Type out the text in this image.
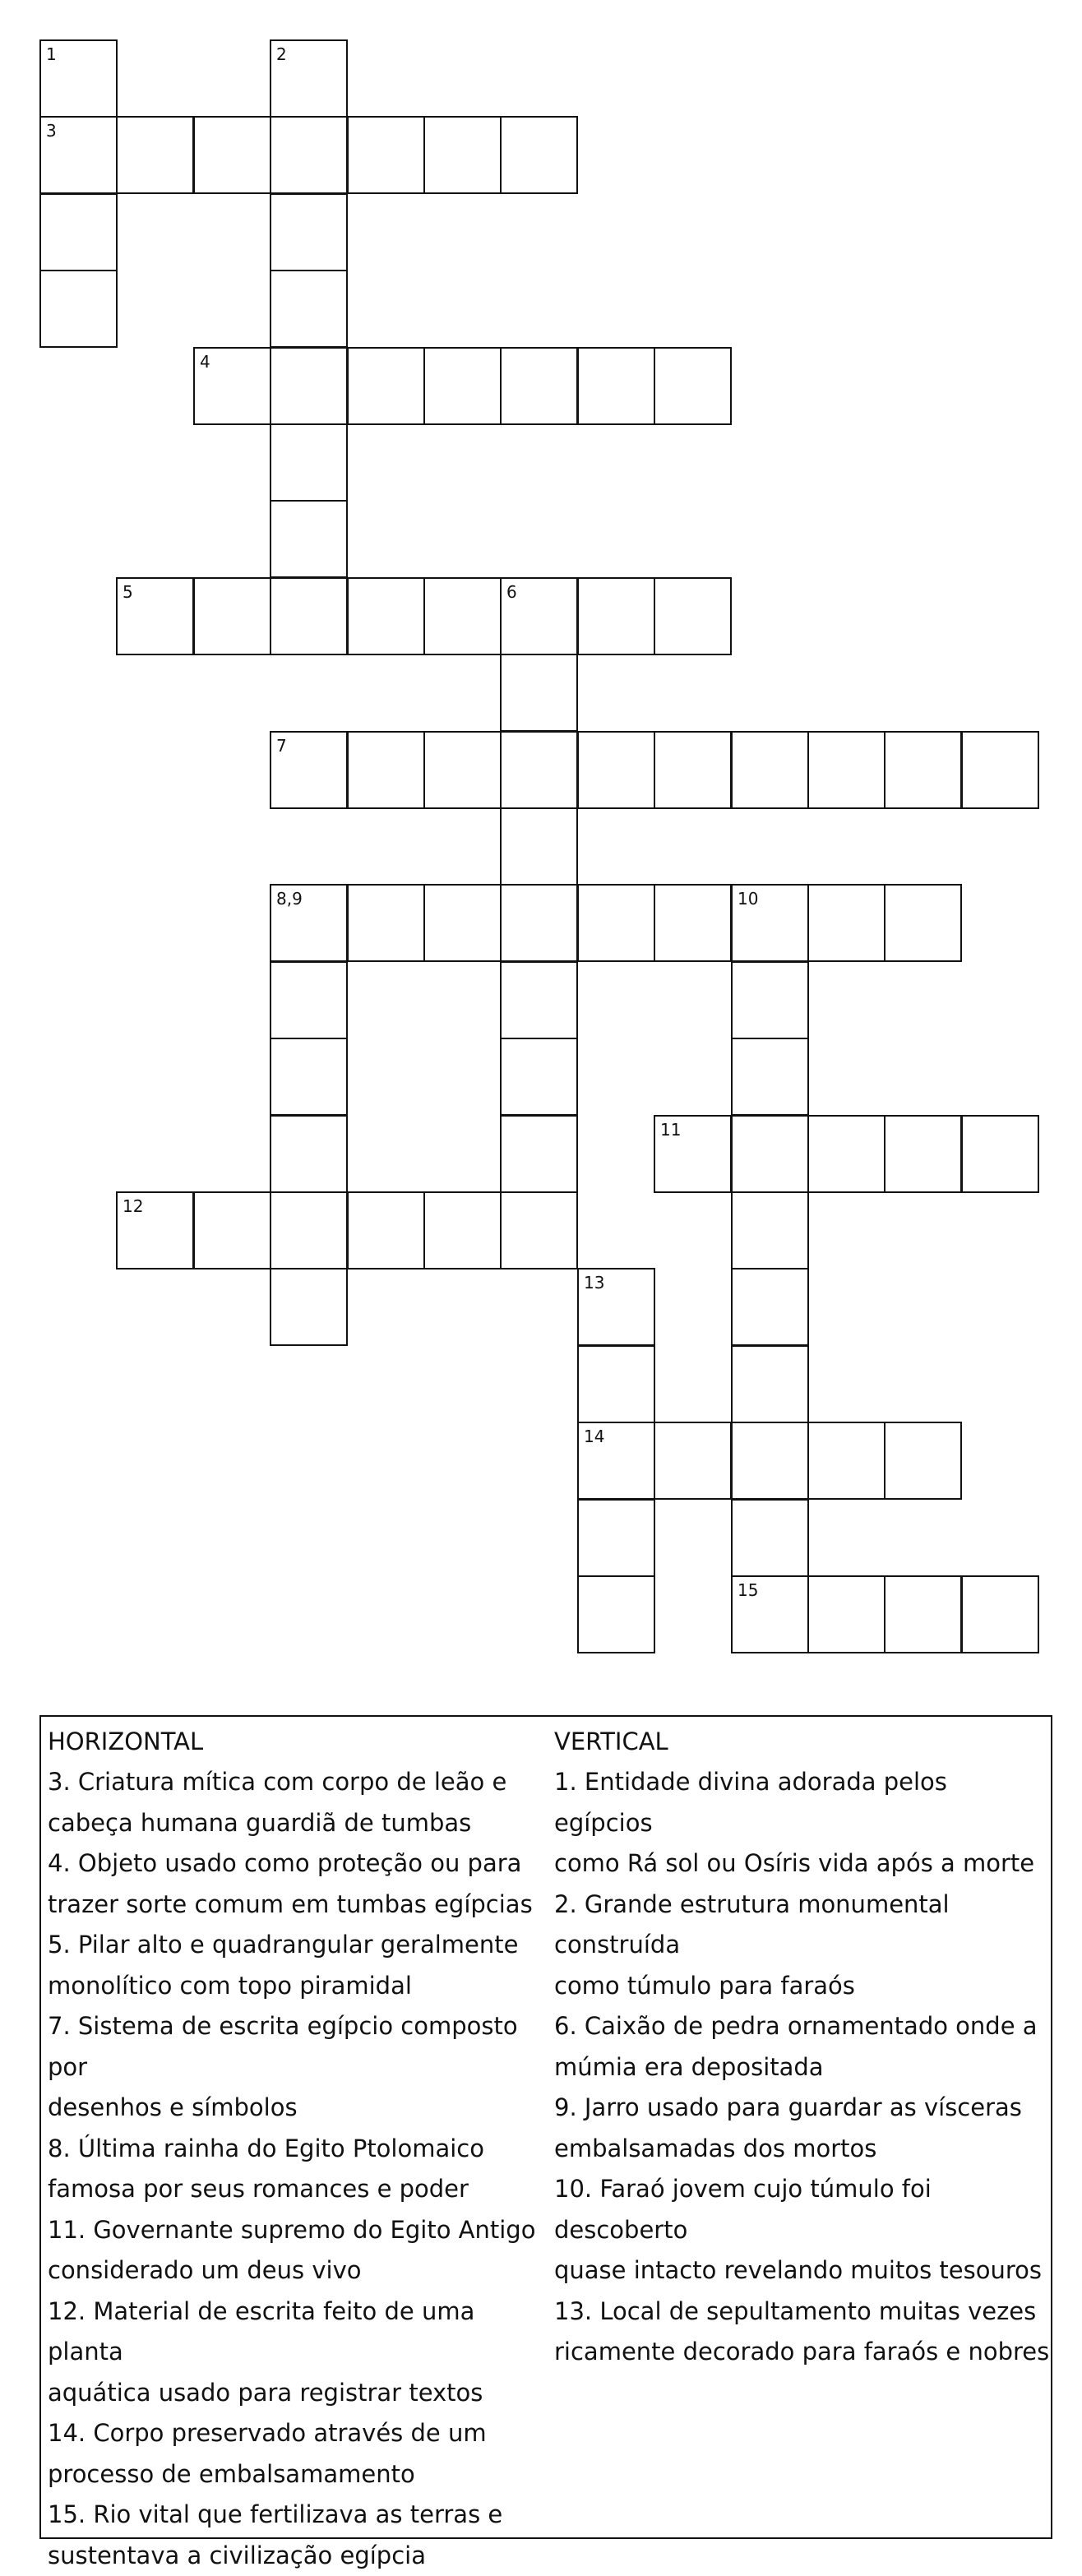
1	2
3
4
5	6
7
8,9	10
11
12
13
14
15
HORIZONTAL
3. Criatura mítica com corpo de leão e
cabeça humana guardiã de tumbas
4. Objeto usado como proteção ou para
trazer sorte comum em tumbas egípcias
5. Pilar alto e quadrangular geralmente
monolítico com topo piramidal
7. Sistema de escrita egípcio composto por
desenhos e símbolos
8. Última rainha do Egito Ptolomaico
famosa por seus romances e poder
11. Governante supremo do Egito Antigo
considerado um deus vivo
12. Material de escrita feito de uma planta
aquática usado para registrar textos
14. Corpo preservado através de um
processo de embalsamamento
15. Rio vital que fertilizava as terras e
sustentava a civilização egípcia
VERTICAL
1. Entidade divina adorada pelos egípcios
como Rá sol ou Osíris vida após a morte
2. Grande estrutura monumental construída
como túmulo para faraós
6. Caixão de pedra ornamentado onde a
múmia era depositada
9. Jarro usado para guardar as vísceras
embalsamadas dos mortos
10. Faraó jovem cujo túmulo foi descoberto
quase intacto revelando muitos tesouros
13. Local de sepultamento muitas vezes
ricamente decorado para faraós e nobres
